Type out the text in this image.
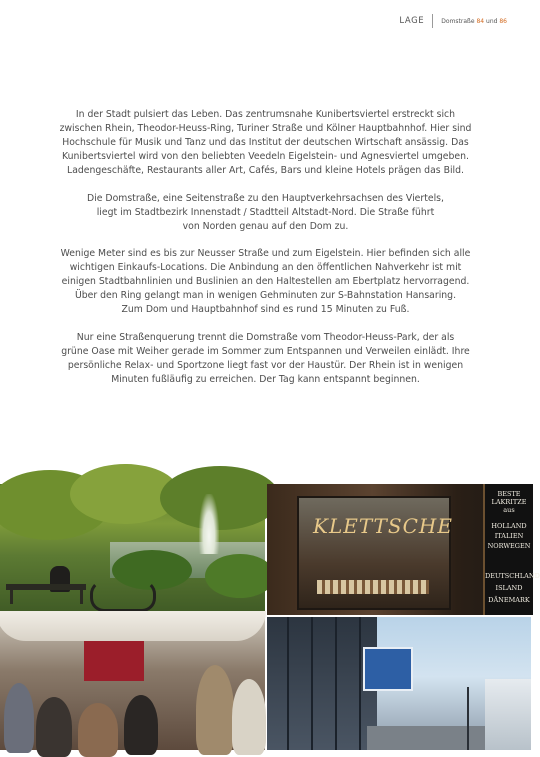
LAGE	Domstraße 84 und 86

In der Stadt pulsiert das Leben. Das zentrumsnahe Kunibertsviertel erstreckt sich
zwischen Rhein, Theodor-Heuss-Ring, Turiner Straße und Kölner Hauptbahnhof. Hier sind
Hochschule für Musik und Tanz und das Institut der deutschen Wirtschaft ansässig. Das
Kunibertsviertel wird von den beliebten Veedeln Eigelstein- und Agnesviertel umgeben.
Ladengeschäfte, Restaurants aller Art, Cafés, Bars und kleine Hotels prägen das Bild.

Die Domstraße, eine Seitenstraße zu den Hauptverkehrsachsen des Viertels,
liegt im Stadtbezirk Innenstadt / Stadtteil Altstadt-Nord. Die Straße führt
von Norden genau auf den Dom zu.

Wenige Meter sind es bis zur Neusser Straße und zum Eigelstein. Hier befinden sich alle
wichtigen Einkaufs-Locations. Die Anbindung an den öffentlichen Nahverkehr ist mit
einigen Stadtbahnlinien und Buslinien an den Haltestellen am Ebertplatz hervorragend.
Über den Ring gelangt man in wenigen Gehminuten zur S-Bahnstation Hansaring.
Zum Dom und Hauptbahnhof sind es rund 15 Minuten zu Fuß.

Nur eine Straßenquerung trennt die Domstraße vom Theodor-Heuss-Park, der als
grüne Oase mit Weiher gerade im Sommer zum Entspannen und Verweilen einlädt. Ihre
persönliche Relax- und Sportzone liegt fast vor der Haustür. Der Rhein ist in wenigen
Minuten fußläufig zu erreichen. Der Tag kann entspannt beginnen.

KLETTSCHE
BESTE
LAKRITZE
aus
HOLLAND
ITALIEN
NORWEGEN
DEUTSCHLAND
ISLAND
DÄNEMARK
